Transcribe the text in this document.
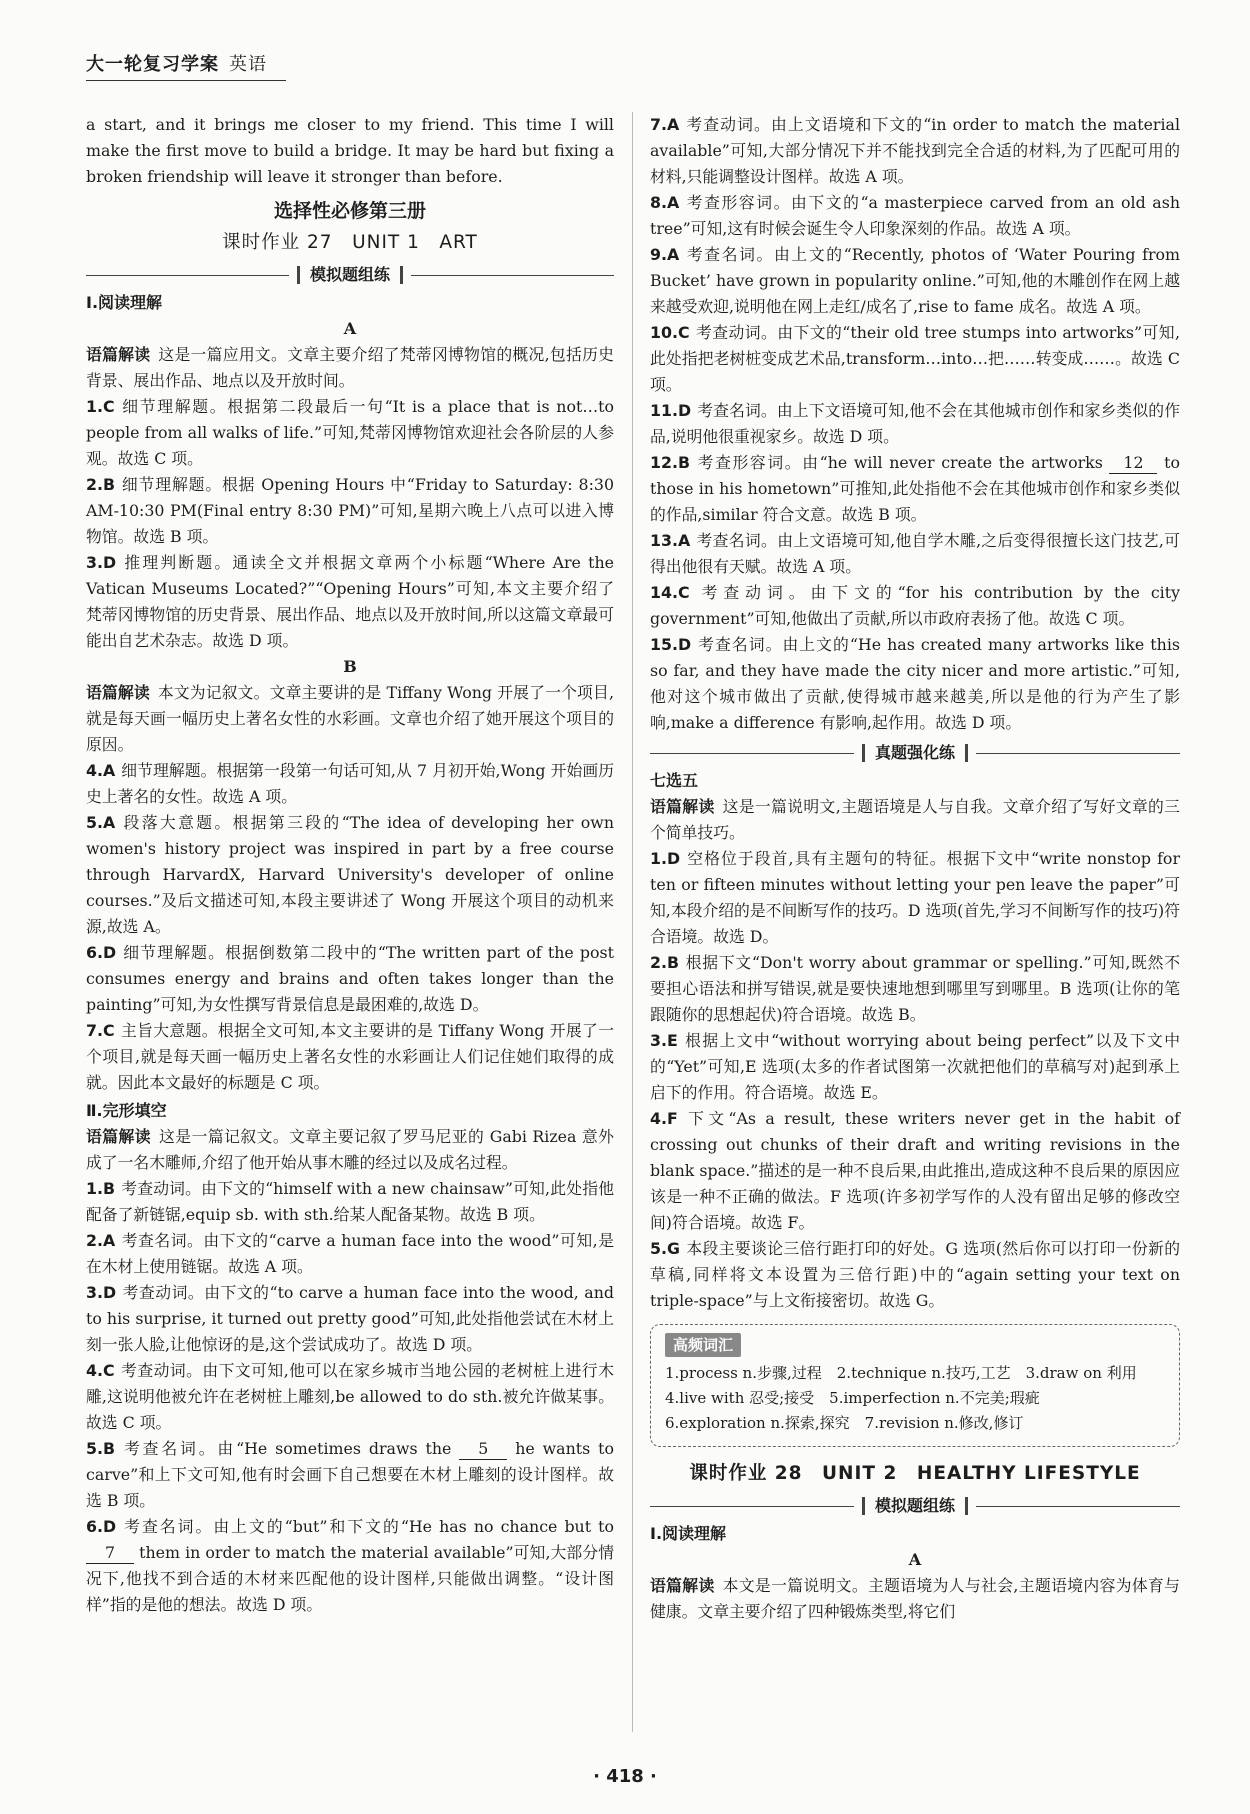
大一轮复习学案 英语

a start, and it brings me closer to my friend. This time I will make the first move to build a bridge. It may be hard but fixing a broken friendship will leave it stronger than before.

选择性必修第三册
课时作业 27　UNIT 1　ART
模拟题组练
Ⅰ.阅读理解
A

语篇解读 这是一篇应用文。文章主要介绍了梵蒂冈博物馆的概况,包括历史背景、展出作品、地点以及开放时间。

1.C 细节理解题。根据第二段最后一句“It is a place that is not…to people from all walks of life.”可知,梵蒂冈博物馆欢迎社会各阶层的人参观。故选 C 项。

2.B 细节理解题。根据 Opening Hours 中“Friday to Saturday: 8:30 AM-10:30 PM(Final entry 8:30 PM)”可知,星期六晚上八点可以进入博物馆。故选 B 项。

3.D 推理判断题。通读全文并根据文章两个小标题“Where Are the Vatican Museums Located?”“Opening Hours”可知,本文主要介绍了梵蒂冈博物馆的历史背景、展出作品、地点以及开放时间,所以这篇文章最可能出自艺术杂志。故选 D 项。

B

语篇解读 本文为记叙文。文章主要讲的是 Tiffany Wong 开展了一个项目,就是每天画一幅历史上著名女性的水彩画。文章也介绍了她开展这个项目的原因。

4.A 细节理解题。根据第一段第一句话可知,从 7 月初开始,Wong 开始画历史上著名的女性。故选 A 项。

5.A 段落大意题。根据第三段的“The idea of developing her own women's history project was inspired in part by a free course through HarvardX, Harvard University's developer of online courses.”及后文描述可知,本段主要讲述了 Wong 开展这个项目的动机来源,故选 A。

6.D 细节理解题。根据倒数第二段中的“The written part of the post consumes energy and brains and often takes longer than the painting”可知,为女性撰写背景信息是最困难的,故选 D。

7.C 主旨大意题。根据全文可知,本文主要讲的是 Tiffany Wong 开展了一个项目,就是每天画一幅历史上著名女性的水彩画让人们记住她们取得的成就。因此本文最好的标题是 C 项。

Ⅱ.完形填空

语篇解读 这是一篇记叙文。文章主要记叙了罗马尼亚的 Gabi Rizea 意外成了一名木雕师,介绍了他开始从事木雕的经过以及成名过程。

1.B 考查动词。由下文的“himself with a new chainsaw”可知,此处指他配备了新链锯,equip sb. with sth.给某人配备某物。故选 B 项。

2.A 考查名词。由下文的“carve a human face into the wood”可知,是在木材上使用链锯。故选 A 项。

3.D 考查动词。由下文的“to carve a human face into the wood, and to his surprise, it turned out pretty good”可知,此处指他尝试在木材上刻一张人脸,让他惊讶的是,这个尝试成功了。故选 D 项。

4.C 考查动词。由下文可知,他可以在家乡城市当地公园的老树桩上进行木雕,这说明他被允许在老树桩上雕刻,be allowed to do sth.被允许做某事。故选 C 项。

5.B 考查名词。由“He sometimes draws the 5 he wants to carve”和上下文可知,他有时会画下自己想要在木材上雕刻的设计图样。故选 B 项。

6.D 考查名词。由上文的“but”和下文的“He has no chance but to 7 them in order to match the material available”可知,大部分情况下,他找不到合适的木材来匹配他的设计图样,只能做出调整。“设计图样”指的是他的想法。故选 D 项。

7.A 考查动词。由上文语境和下文的“in order to match the material available”可知,大部分情况下并不能找到完全合适的材料,为了匹配可用的材料,只能调整设计图样。故选 A 项。

8.A 考查形容词。由下文的“a masterpiece carved from an old ash tree”可知,这有时候会诞生令人印象深刻的作品。故选 A 项。

9.A 考查名词。由上文的“Recently, photos of ‘Water Pouring from Bucket’ have grown in popularity online.”可知,他的木雕创作在网上越来越受欢迎,说明他在网上走红/成名了,rise to fame 成名。故选 A 项。

10.C 考查动词。由下文的“their old tree stumps into artworks”可知,此处指把老树桩变成艺术品,transform…into…把……转变成……。故选 C 项。

11.D 考查名词。由上下文语境可知,他不会在其他城市创作和家乡类似的作品,说明他很重视家乡。故选 D 项。

12.B 考查形容词。由“he will never create the artworks 12 to those in his hometown”可推知,此处指他不会在其他城市创作和家乡类似的作品,similar 符合文意。故选 B 项。

13.A 考查名词。由上文语境可知,他自学木雕,之后变得很擅长这门技艺,可得出他很有天赋。故选 A 项。

14.C 考查动词。由下文的“for his contribution by the city government”可知,他做出了贡献,所以市政府表扬了他。故选 C 项。

15.D 考查名词。由上文的“He has created many artworks like this so far, and they have made the city nicer and more artistic.”可知,他对这个城市做出了贡献,使得城市越来越美,所以是他的行为产生了影响,make a difference 有影响,起作用。故选 D 项。

真题强化练
七选五

语篇解读 这是一篇说明文,主题语境是人与自我。文章介绍了写好文章的三个简单技巧。

1.D 空格位于段首,具有主题句的特征。根据下文中“write nonstop for ten or fifteen minutes without letting your pen leave the paper”可知,本段介绍的是不间断写作的技巧。D 选项(首先,学习不间断写作的技巧)符合语境。故选 D。

2.B 根据下文“Don't worry about grammar or spelling.”可知,既然不要担心语法和拼写错误,就是要快速地想到哪里写到哪里。B 选项(让你的笔跟随你的思想起伏)符合语境。故选 B。

3.E 根据上文中“without worrying about being perfect”以及下文中的“Yet”可知,E 选项(太多的作者试图第一次就把他们的草稿写对)起到承上启下的作用。符合语境。故选 E。

4.F 下文“As a result, these writers never get in the habit of crossing out chunks of their draft and writing revisions in the blank space.”描述的是一种不良后果,由此推出,造成这种不良后果的原因应该是一种不正确的做法。F 选项(许多初学写作的人没有留出足够的修改空间)符合语境。故选 F。

5.G 本段主要谈论三倍行距打印的好处。G 选项(然后你可以打印一份新的草稿,同样将文本设置为三倍行距)中的“again setting your text on triple-space”与上文衔接密切。故选 G。

高频词汇
1.process n.步骤,过程　2.technique n.技巧,工艺　3.draw on 利用　4.live with 忍受;接受　5.imperfection n.不完美;瑕疵
6.exploration n.探索,探究　7.revision n.修改,修订
课时作业 28　UNIT 2　HEALTHY LIFESTYLE
模拟题组练
Ⅰ.阅读理解
A

语篇解读 本文是一篇说明文。主题语境为人与社会,主题语境内容为体育与健康。文章主要介绍了四种锻炼类型,将它们

· 418 ·
